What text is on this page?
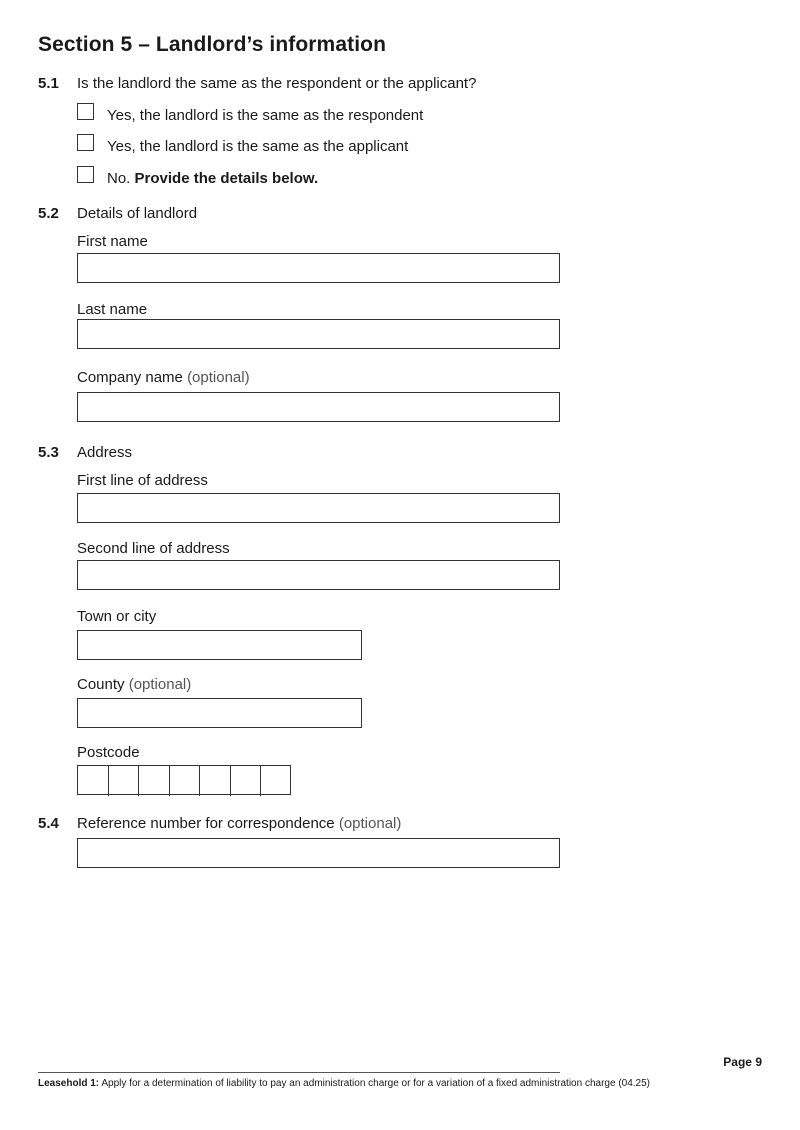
Section 5 – Landlord’s information
5.1 Is the landlord the same as the respondent or the applicant?
Yes, the landlord is the same as the respondent
Yes, the landlord is the same as the applicant
No. Provide the details below.
5.2 Details of landlord
First name
Last name
Company name (optional)
5.3 Address
First line of address
Second line of address
Town or city
County (optional)
Postcode
5.4 Reference number for correspondence (optional)
Page 9
Leasehold 1: Apply for a determination of liability to pay an administration charge or for a variation of a fixed administration charge (04.25)
